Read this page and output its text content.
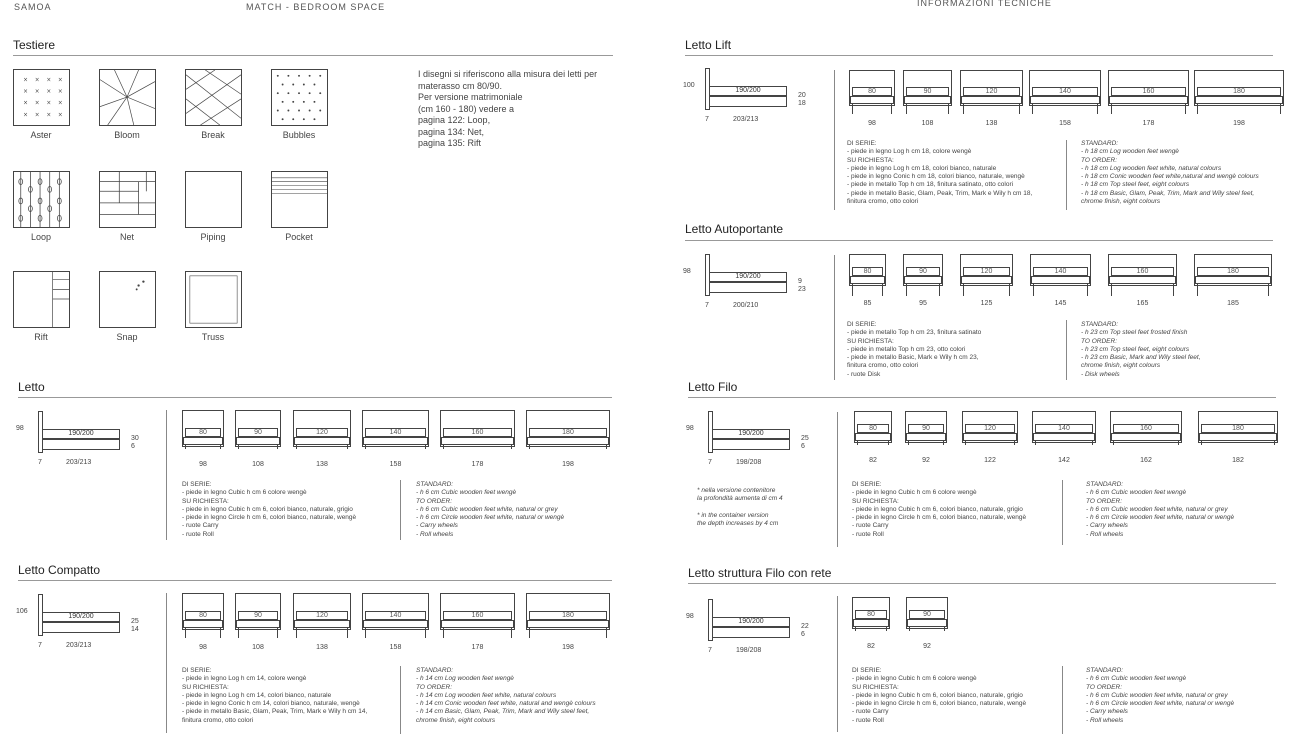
SAMOA	MATCH - BEDROOM SPACE	INFORMAZIONI TECNICHE
Testiere
× × × ×
× × × ×
× × × ×
× × × ×
Aster	Bloom	Break	Bubbles
Loop	Net	Piping	Pocket
Rift	Snap	Truss
I disegni si riferiscono alla misura dei letti per
materasso cm 80/90.
Per versione matrimoniale
(cm 160 - 180) vedere a
pagina 122: Loop,
pagina 134: Net,
pagina 135: Rift
Letto
98
190/200
7	203/213
30
6
80
98
90
108
120
138
140
158
160
178
180
198
DI SERIE:
- piede in legno Cubic h cm 6 colore wengè
SU RICHIESTA:
- piede in legno Cubic h cm 6, colori bianco, naturale, grigio
- piede in legno Circle h cm 6, colori bianco, naturale, wengè
- ruote Carry
- ruote Roll
STANDARD:
- h 6 cm Cubic wooden feet wengè
TO ORDER:
- h 6 cm Cubic wooden feet white, natural or grey
- h 6 cm Circle wooden feet white, natural or wengè
- Carry wheels
- Roll wheels
Letto Compatto
106
190/200
7	203/213
25
14
80
98
90
108
120
138
140
158
160
178
180
198
DI SERIE:
- piede in legno Log h cm 14, colore wengè
SU RICHIESTA:
- piede in legno Log h cm 14, colori bianco, naturale
- piede in legno Conic h cm 14, colori bianco, naturale, wengè
- piede in metallo Basic, Glam, Peak, Trim, Mark e Wily h cm 14,
finitura cromo, otto colori
STANDARD:
- h 14 cm Log wooden feet wengè
TO ORDER:
- h 14 cm Log wooden feet white, natural colours
- h 14 cm Conic wooden feet white, natural and wengè colours
- h 14 cm Basic, Glam, Peak, Trim, Mark and Wily steel feet,
chrome finish, eight colours
Letto Lift
100
190/200
7	203/213
20
18
80
98
90
108
120
138
140
158
160
178
180
198
DI SERIE:
- piede in legno Log h cm 18, colore wengè
SU RICHIESTA:
- piede in legno Log h cm 18, colori bianco, naturale
- piede in legno Conic h cm 18, colori bianco, naturale, wengè
- piede in metallo Top h cm 18, finitura satinato, otto colori
- piede in metallo Basic, Glam, Peak, Trim, Mark e Wily h cm 18,
finitura cromo, otto colori
STANDARD:
- h 18 cm Log wooden feet wengè
TO ORDER:
- h 18 cm Log wooden feet white, natural colours
- h 18 cm Conic wooden feet white,natural and wengè colours
- h 18 cm Top steel feet, eight colours
- h 18 cm Basic, Glam, Peak, Trim, Mark and Wily steel feet,
chrome finish, eight colours
Letto Autoportante
98
190/200
7	200/210
9
23
80
85
90
95
120
125
140
145
160
165
180
185
DI SERIE:
- piede in metallo Top h cm 23, finitura satinato
SU RICHIESTA:
- piede in metallo Top h cm 23, otto colori
- piede in metallo Basic, Mark e Wily h cm 23,
finitura cromo, otto colori
- ruote Disk
STANDARD:
- h 23 cm Top steel feet frosted finish
TO ORDER:
- h 23 cm Top steel feet, eight colours
- h 23 cm Basic, Mark and Wily steel feet,
chrome finish, eight colours
- Disk wheels
Letto Filo
98
190/200
7	198/208
25
6
80
82
90
92
120
122
140
142
160
162
180
182
DI SERIE:
- piede in legno Cubic h cm 6 colore wengè
SU RICHIESTA:
- piede in legno Cubic h cm 6, colori bianco, naturale, grigio
- piede in legno Circle h cm 6, colori bianco, naturale, wengè
- ruote Carry
- ruote Roll
STANDARD:
- h 6 cm Cubic wooden feet wengè
TO ORDER:
- h 6 cm Cubic wooden feet white, natural or grey
- h 6 cm Circle wooden feet white, natural or wengè
- Carry wheels
- Roll wheels
* nella versione contenitore
la profondità aumenta di cm 4

* in the container version
the depth increases by 4 cm
Letto struttura Filo con rete
98
190/200
7	198/208
22
6
80
82
90
92
DI SERIE:
- piede in legno Cubic h cm 6 colore wengè
SU RICHIESTA:
- piede in legno Cubic h cm 6, colori bianco, naturale, grigio
- piede in legno Circle h cm 6, colori bianco, naturale, wengè
- ruote Carry
- ruote Roll
STANDARD:
- h 6 cm Cubic wooden feet wengè
TO ORDER:
- h 6 cm Cubic wooden feet white, natural or grey
- h 6 cm Circle wooden feet white, natural or wengè
- Carry wheels
- Roll wheels
